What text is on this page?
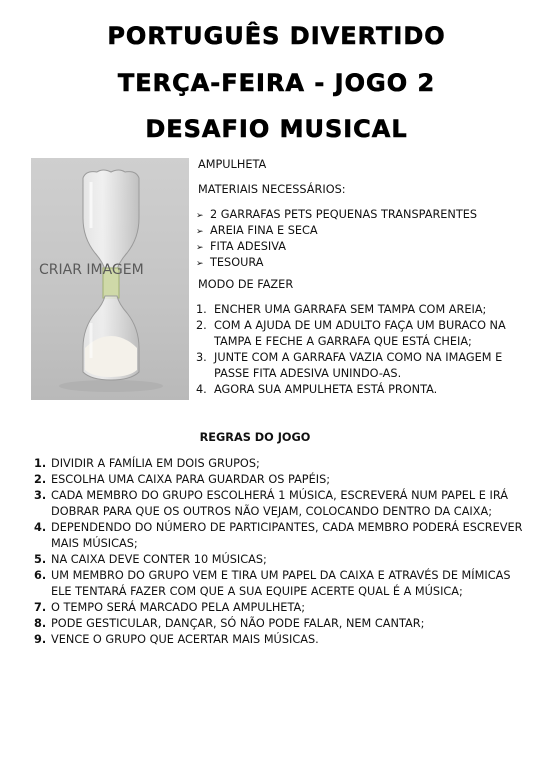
PORTUGUÊS DIVERTIDO
TERÇA-FEIRA - JOGO 2
DESAFIO MUSICAL
CRIAR IMAGEM
AMPULHETA
MATERIAIS NECESSÁRIOS:
➢ 2 GARRAFAS PETS PEQUENAS TRANSPARENTES
➢ AREIA FINA E SECA
➢ FITA ADESIVA
➢ TESOURA
MODO DE FAZER
1. ENCHER UMA GARRAFA SEM TAMPA COM AREIA;
2. COM A AJUDA DE UM ADULTO FAÇA UM BURACO NA TAMPA E FECHE A GARRAFA QUE ESTÁ CHEIA;
3. JUNTE COM A GARRAFA VAZIA COMO NA IMAGEM E PASSE FITA ADESIVA UNINDO-AS.
4. AGORA SUA AMPULHETA ESTÁ PRONTA.
REGRAS DO JOGO
1. DIVIDIR A FAMÍLIA EM DOIS GRUPOS;
2. ESCOLHA UMA CAIXA PARA GUARDAR OS PAPÉIS;
3. CADA MEMBRO DO GRUPO ESCOLHERÁ 1 MÚSICA, ESCREVERÁ NUM PAPEL E IRÁ DOBRAR PARA QUE OS OUTROS NÃO VEJAM, COLOCANDO DENTRO DA CAIXA;
4. DEPENDENDO DO NÚMERO DE PARTICIPANTES, CADA MEMBRO PODERÁ ESCREVER MAIS MÚSICAS;
5. NA CAIXA DEVE CONTER 10 MÚSICAS;
6. UM MEMBRO DO GRUPO VEM E TIRA UM PAPEL DA CAIXA E ATRAVÉS DE MÍMICAS ELE TENTARÁ FAZER COM QUE A SUA EQUIPE ACERTE QUAL É A MÚSICA;
7. O TEMPO SERÁ MARCADO PELA AMPULHETA;
8. PODE GESTICULAR, DANÇAR, SÓ NÃO PODE FALAR, NEM CANTAR;
9. VENCE O GRUPO QUE ACERTAR MAIS MÚSICAS.
